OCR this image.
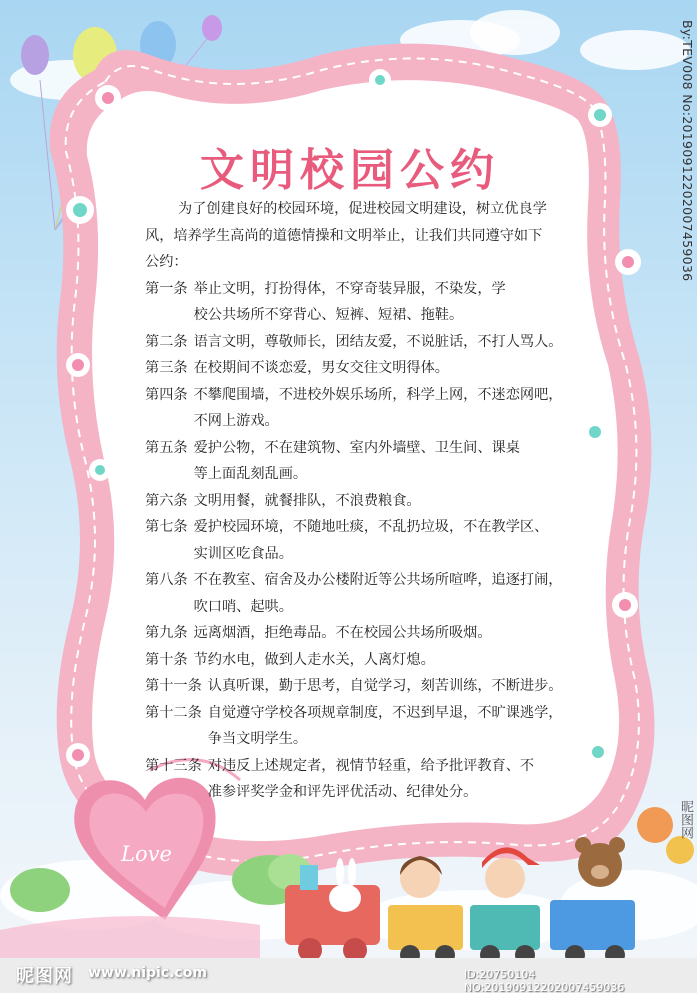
文明校园公约
为了创建良好的校园环境，促进校园文明建设，树立优良学
风，培养学生高尚的道德情操和文明举止，让我们共同遵守如下
公约：
第一条 举止文明，打扮得体，不穿奇装异服，不染发，学
校公共场所不穿背心、短裤、短裙、拖鞋。
第二条 语言文明，尊敬师长，团结友爱，不说脏话，不打人骂人。
第三条 在校期间不谈恋爱，男女交往文明得体。
第四条 不攀爬围墙，不进校外娱乐场所，科学上网，不迷恋网吧，
不网上游戏。
第五条 爱护公物，不在建筑物、室内外墙壁、卫生间、课桌
等上面乱刻乱画。
第六条 文明用餐，就餐排队，不浪费粮食。
第七条 爱护校园环境，不随地吐痰，不乱扔垃圾，不在教学区、
实训区吃食品。
第八条 不在教室、宿舍及办公楼附近等公共场所喧哗，追逐打闹，
吹口哨、起哄。
第九条 远离烟酒，拒绝毒品。不在校园公共场所吸烟。
第十条 节约水电，做到人走水关，人离灯熄。
第十一条 认真听课，勤于思考，自觉学习，刻苦训练，不断进步。
第十二条 自觉遵守学校各项规章制度，不迟到早退，不旷课逃学，
争当文明学生。
第十三条 对违反上述规定者，视情节轻重，给予批评教育、不
准参评奖学金和评先评优活动、纪律处分。
Love
By:TEV008 No:20190912202007459036
昵图网
昵图网 www.nipic.com	ID:20750104 NO:20190912202007459036
